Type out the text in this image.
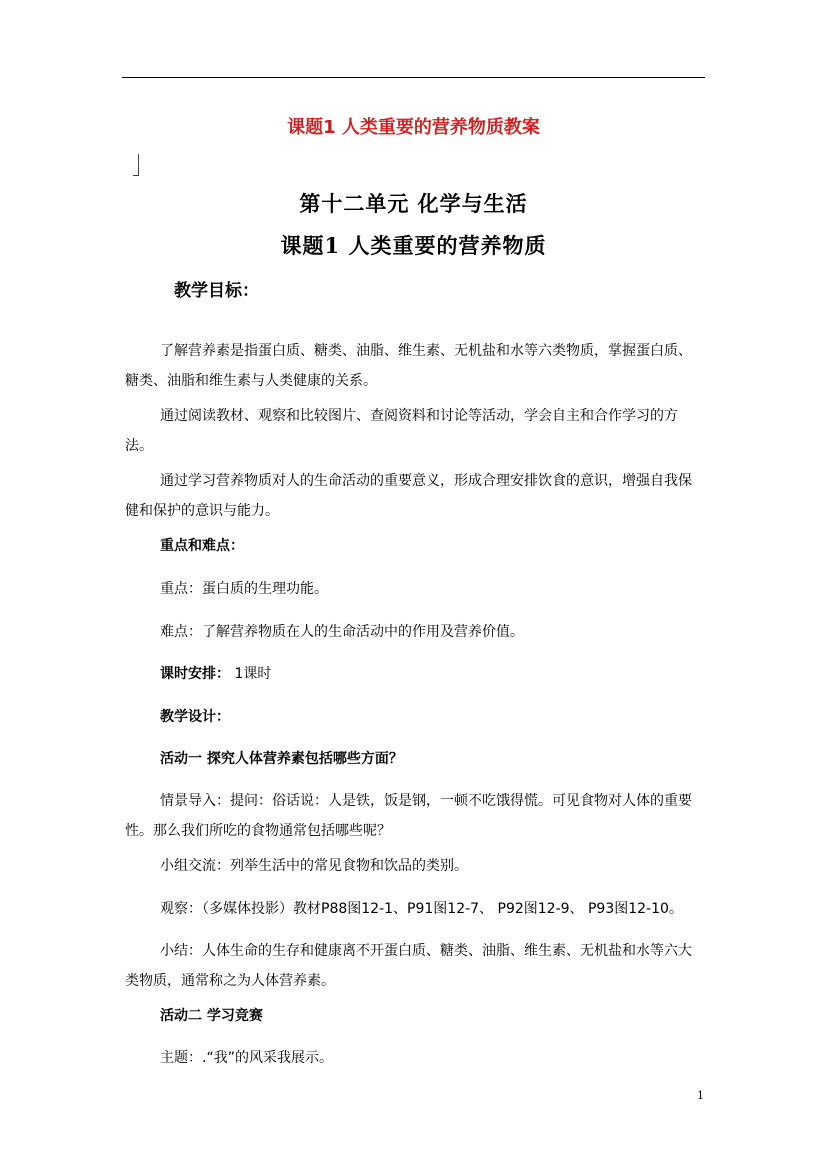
课题1 人类重要的营养物质教案
第十二单元 化学与生活
课题1 人类重要的营养物质
教学目标：

了解营养素是指蛋白质、糖类、油脂、维生素、无机盐和水等六类物质，掌握蛋白质、糖类、油脂和维生素与人类健康的关系。

通过阅读教材、观察和比较图片、查阅资料和讨论等活动，学会自主和合作学习的方法。

通过学习营养物质对人的生命活动的重要意义，形成合理安排饮食的意识，增强自我保健和保护的意识与能力。

重点和难点：
重点：蛋白质的生理功能。
难点：了解营养物质在人的生命活动中的作用及营养价值。
课时安排： 1课时
教学设计：
活动一 探究人体营养素包括哪些方面？

情景导入：提问：俗话说：人是铁，饭是钢，一顿不吃饿得慌。可见食物对人体的重要性。那么我们所吃的食物通常包括哪些呢？

小组交流：列举生活中的常见食物和饮品的类别。
观察：（多媒体投影）教材P88图12-1、P91图12-7、 P92图12-9、 P93图12-10。

小结：人体生命的生存和健康离不开蛋白质、糖类、油脂、维生素、无机盐和水等六大类物质，通常称之为人体营养素。

活动二 学习竞赛
主题：.“我”的风采我展示。
1
